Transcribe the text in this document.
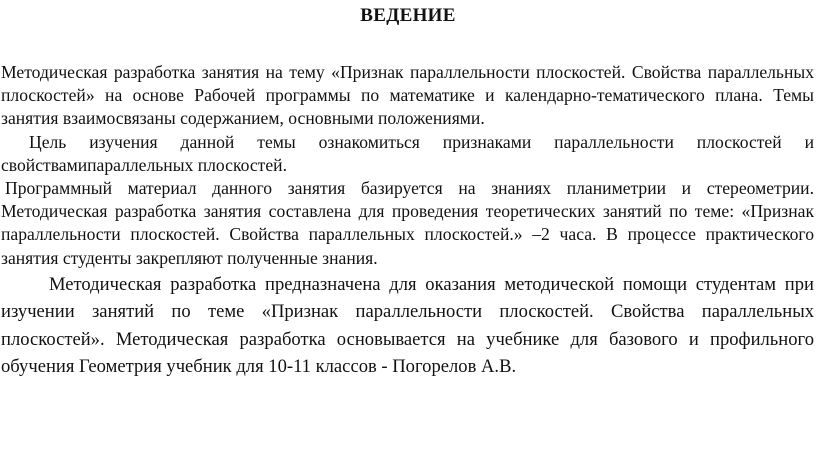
ВЕДЕНИЕ

Методическая разработка занятия на тему «Признак параллельности плоскостей. Свойства параллельных плоскостей» на основе Рабочей программы по математике и календарно-тематического плана. Темы занятия взаимосвязаны содержанием, основными положениями.

Цель изучения данной темы ознакомиться признаками параллельности плоскостей и свойствамипараллельных плоскостей.

Программный материал данного занятия базируется на знаниях планиметрии и стереометрии. Методическая разработка занятия составлена для проведения теоретических занятий по теме: «Признак параллельности плоскостей. Свойства параллельных плоскостей.» –2 часа. В процессе практического занятия студенты закрепляют полученные знания.

Методическая разработка предназначена для оказания методической помощи студентам при изучении занятий по теме «Признак параллельности плоскостей. Свойства параллельных плоскостей». Методическая разработка основывается на учебнике для базового и профильного обучения Геометрия учебник для 10-11 классов - Погорелов А.В.
